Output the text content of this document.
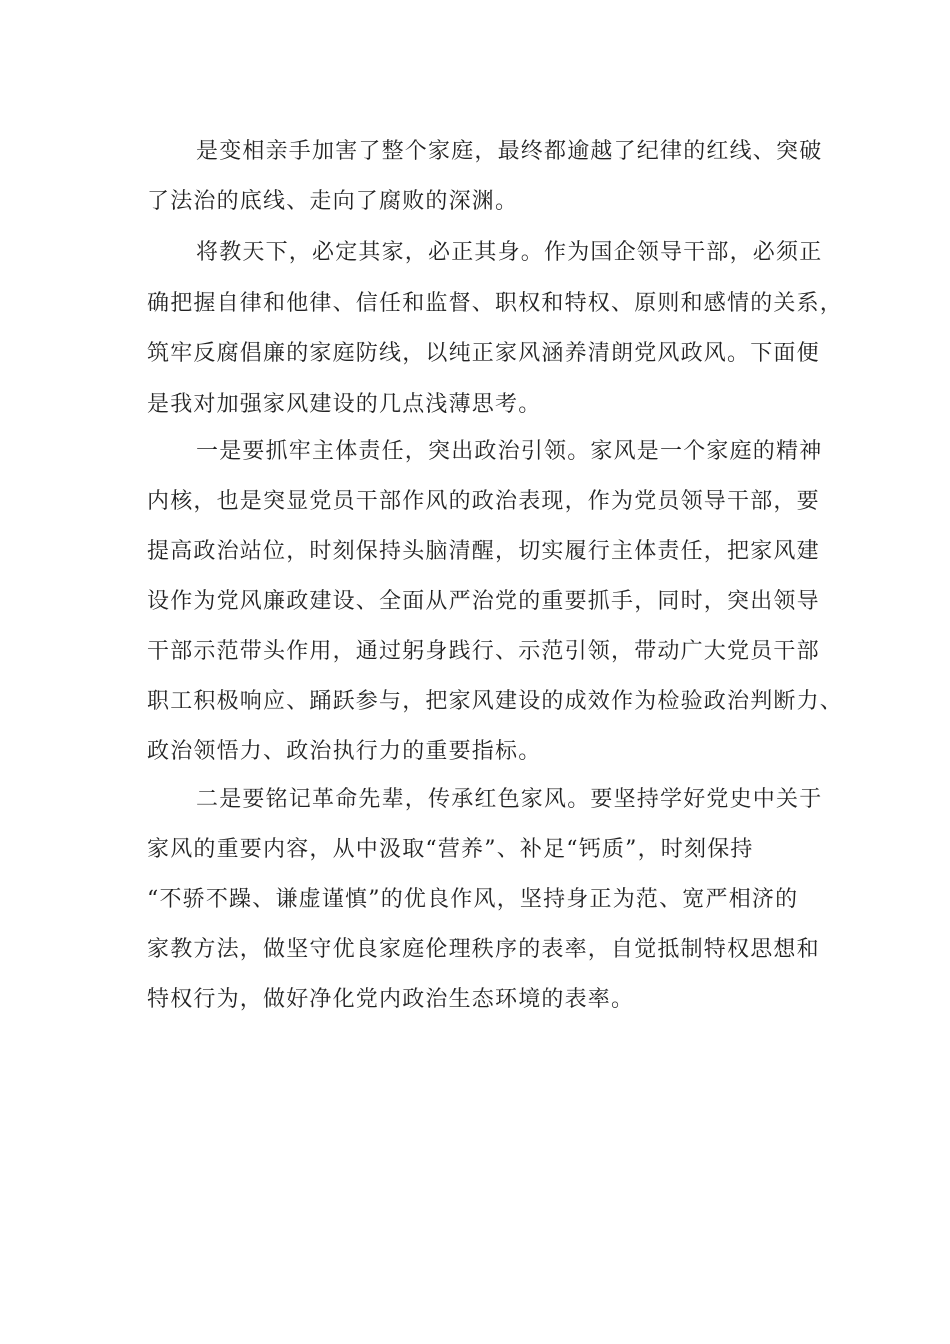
是变相亲手加害了整个家庭，最终都逾越了纪律的红线、突破
了法治的底线、走向了腐败的深渊。
将教天下，必定其家，必正其身。作为国企领导干部，必须正
确把握自律和他律、信任和监督、职权和特权、原则和感情的关系，
筑牢反腐倡廉的家庭防线，以纯正家风涵养清朗党风政风。下面便
是我对加强家风建设的几点浅薄思考。
一是要抓牢主体责任，突出政治引领。家风是一个家庭的精神
内核，也是突显党员干部作风的政治表现，作为党员领导干部，要
提高政治站位，时刻保持头脑清醒，切实履行主体责任，把家风建
设作为党风廉政建设、全面从严治党的重要抓手，同时，突出领导
干部示范带头作用，通过躬身践行、示范引领，带动广大党员干部
职工积极响应、踊跃参与，把家风建设的成效作为检验政治判断力、
政治领悟力、政治执行力的重要指标。
二是要铭记革命先辈，传承红色家风。要坚持学好党史中关于
家风的重要内容，从中汲取“营养”、补足“钙质”，时刻保持
“不骄不躁、谦虚谨慎”的优良作风，坚持身正为范、宽严相济的
家教方法，做坚守优良家庭伦理秩序的表率，自觉抵制特权思想和
特权行为，做好净化党内政治生态环境的表率。
